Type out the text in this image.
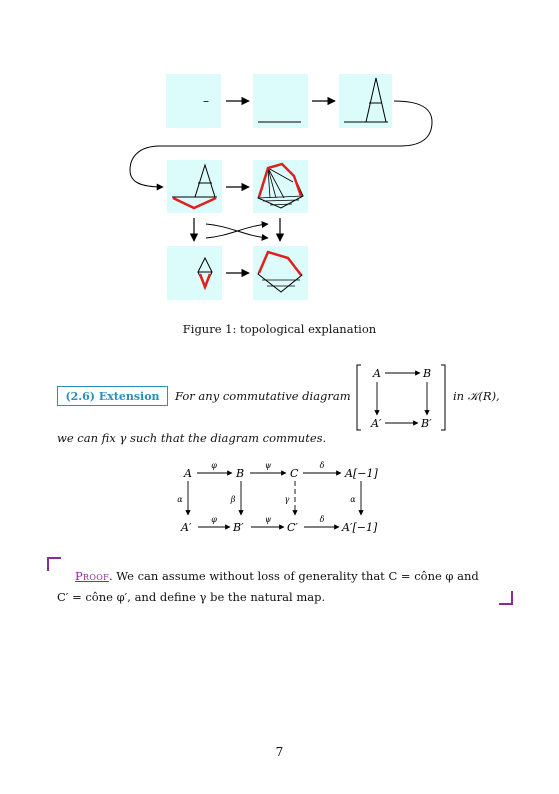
–
Figure 1: topological explanation
(2.6) Extension	For any commutative diagram
A	B
A′	B′
in 𝒦(R),
we can fix γ such that the diagram commutes.
A	B	C	A[−1]
A′	B′	C′	A′[−1]
φ	ψ	δ
φ	ψ	δ
α	β	γ	α
Proof. We can assume without loss of generality that C = cône φ and
C′ = cône φ′, and define γ be the natural map.
7
